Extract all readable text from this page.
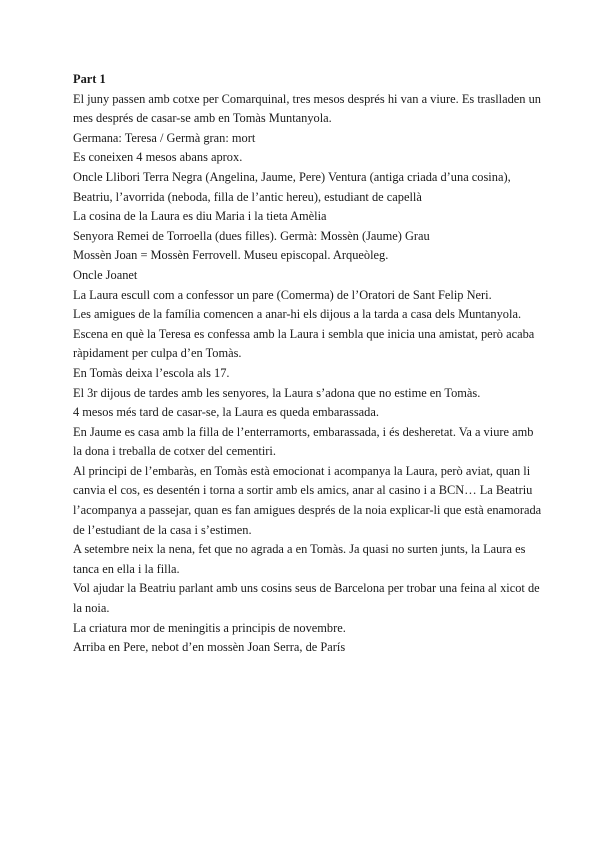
Part 1

El juny passen amb cotxe per Comarquinal, tres mesos després hi van a viure. Es traslladen un mes després de casar-se amb en Tomàs Muntanyola.

Germana: Teresa / Germà gran: mort

Es coneixen 4 mesos abans aprox.

Oncle Llibori Terra Negra (Angelina, Jaume, Pere) Ventura (antiga criada d’una cosina), Beatriu, l’avorrida (neboda, filla de l’antic hereu), estudiant de capellà

La cosina de la Laura es diu Maria i la tieta Amèlia

Senyora Remei de Torroella (dues filles). Germà: Mossèn (Jaume) Grau

Mossèn Joan = Mossèn Ferrovell. Museu episcopal. Arqueòleg.

Oncle Joanet

La Laura escull com a confessor un pare (Comerma) de l’Oratori de Sant Felip Neri.

Les amigues de la família comencen a anar-hi els dijous a la tarda a casa dels Muntanyola.

Escena en què la Teresa es confessa amb la Laura i sembla que inicia una amistat, però acaba ràpidament per culpa d’en Tomàs.

En Tomàs deixa l’escola als 17.

El 3r dijous de tardes amb les senyores, la Laura s’adona que no estime en Tomàs.

4 mesos més tard de casar-se, la Laura es queda embarassada.

En Jaume es casa amb la filla de l’enterramorts, embarassada, i és desheretat. Va a viure amb la dona i treballa de cotxer del cementiri.

Al principi de l’embaràs, en Tomàs està emocionat i acompanya la Laura, però aviat, quan li canvia el cos, es desentén i torna a sortir amb els amics, anar al casino i a BCN… La Beatriu l’acompanya a passejar, quan es fan amigues després de la noia explicar-li que està enamorada de l’estudiant de la casa i s’estimen.

A setembre neix la nena, fet que no agrada a en Tomàs. Ja quasi no surten junts, la Laura es tanca en ella i la filla.

Vol ajudar la Beatriu parlant amb uns cosins seus de Barcelona per trobar una feina al xicot de la noia.

La criatura mor de meningitis a principis de novembre.

Arriba en Pere, nebot d’en mossèn Joan Serra, de París
